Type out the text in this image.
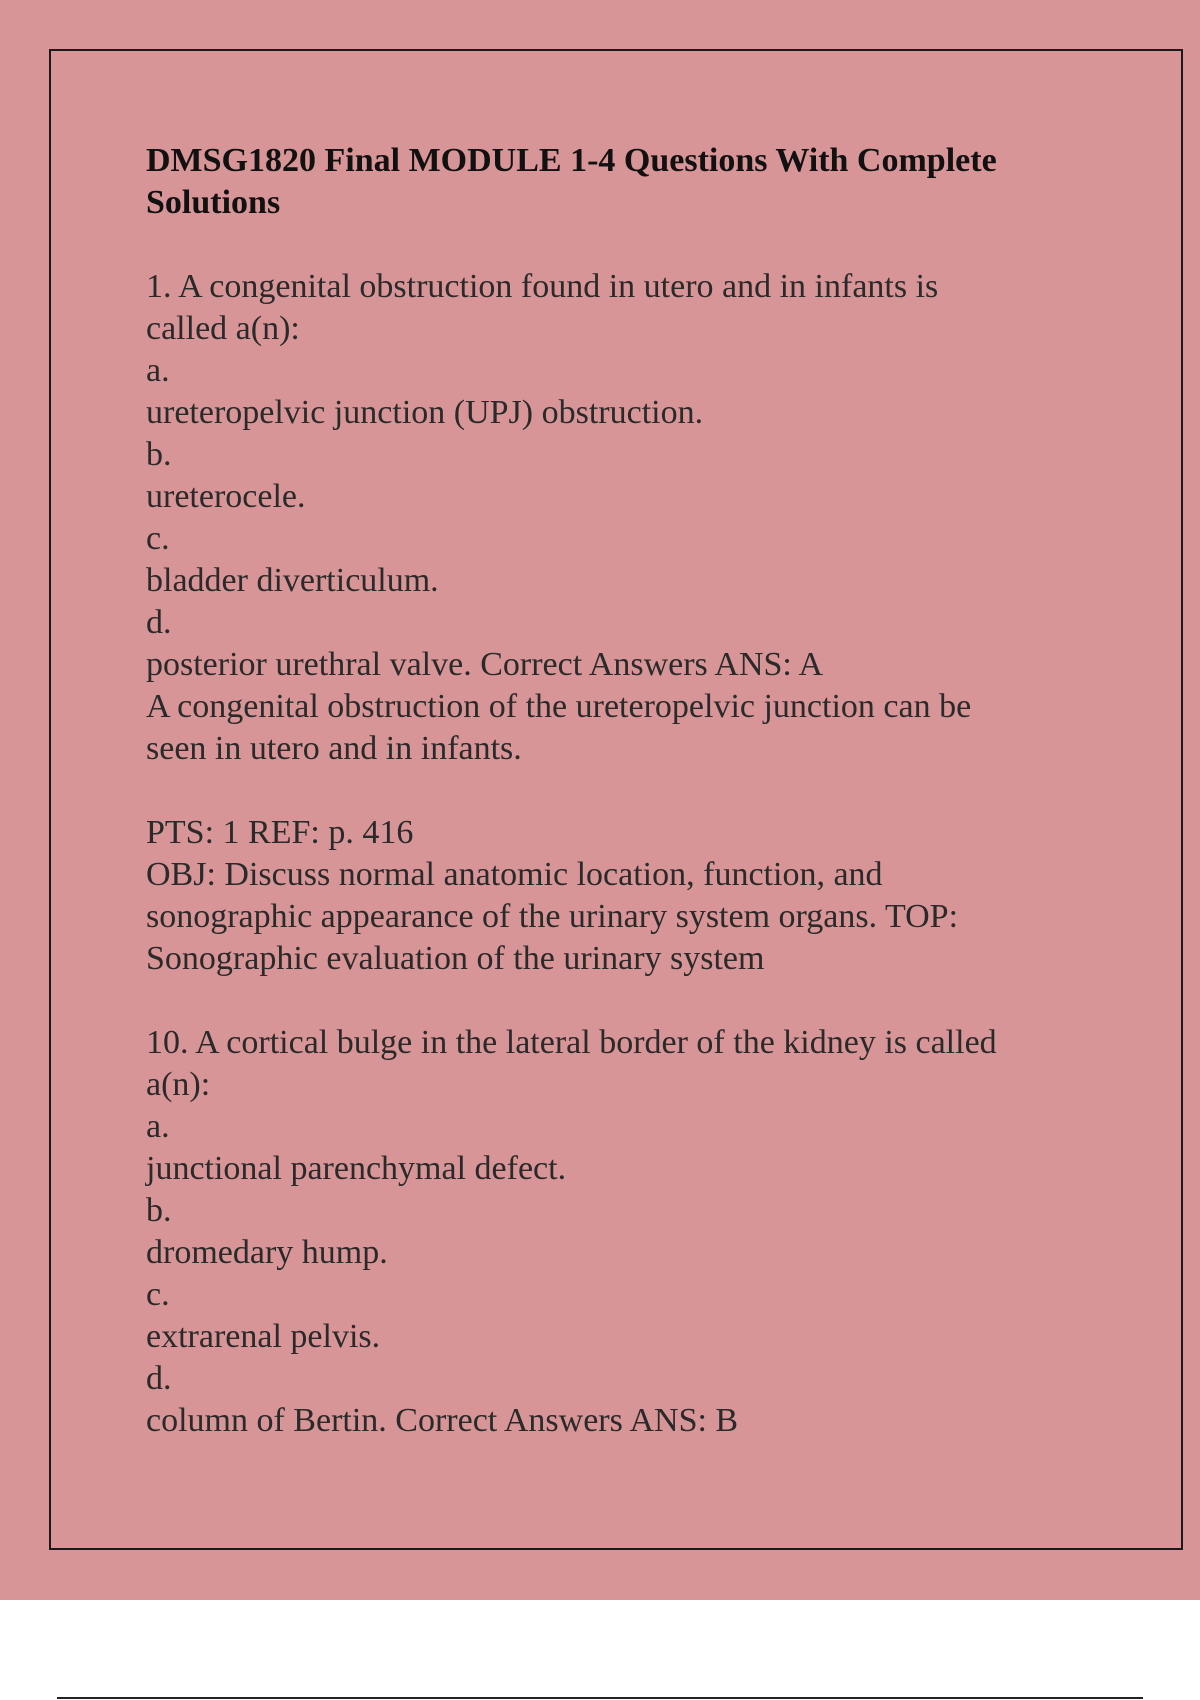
DMSG1820 Final MODULE 1-4 Questions With Complete Solutions

1. A congenital obstruction found in utero and in infants is

called a(n):

a.

ureteropelvic junction (UPJ) obstruction.

b.

ureterocele.

c.

bladder diverticulum.

d.

posterior urethral valve. Correct Answers ANS: A

A congenital obstruction of the ureteropelvic junction can be

seen in utero and in infants.

PTS: 1 REF: p. 416

OBJ: Discuss normal anatomic location, function, and

sonographic appearance of the urinary system organs. TOP:

Sonographic evaluation of the urinary system

10. A cortical bulge in the lateral border of the kidney is called

a(n):

a.

junctional parenchymal defect.

b.

dromedary hump.

c.

extrarenal pelvis.

d.

column of Bertin. Correct Answers ANS: B
